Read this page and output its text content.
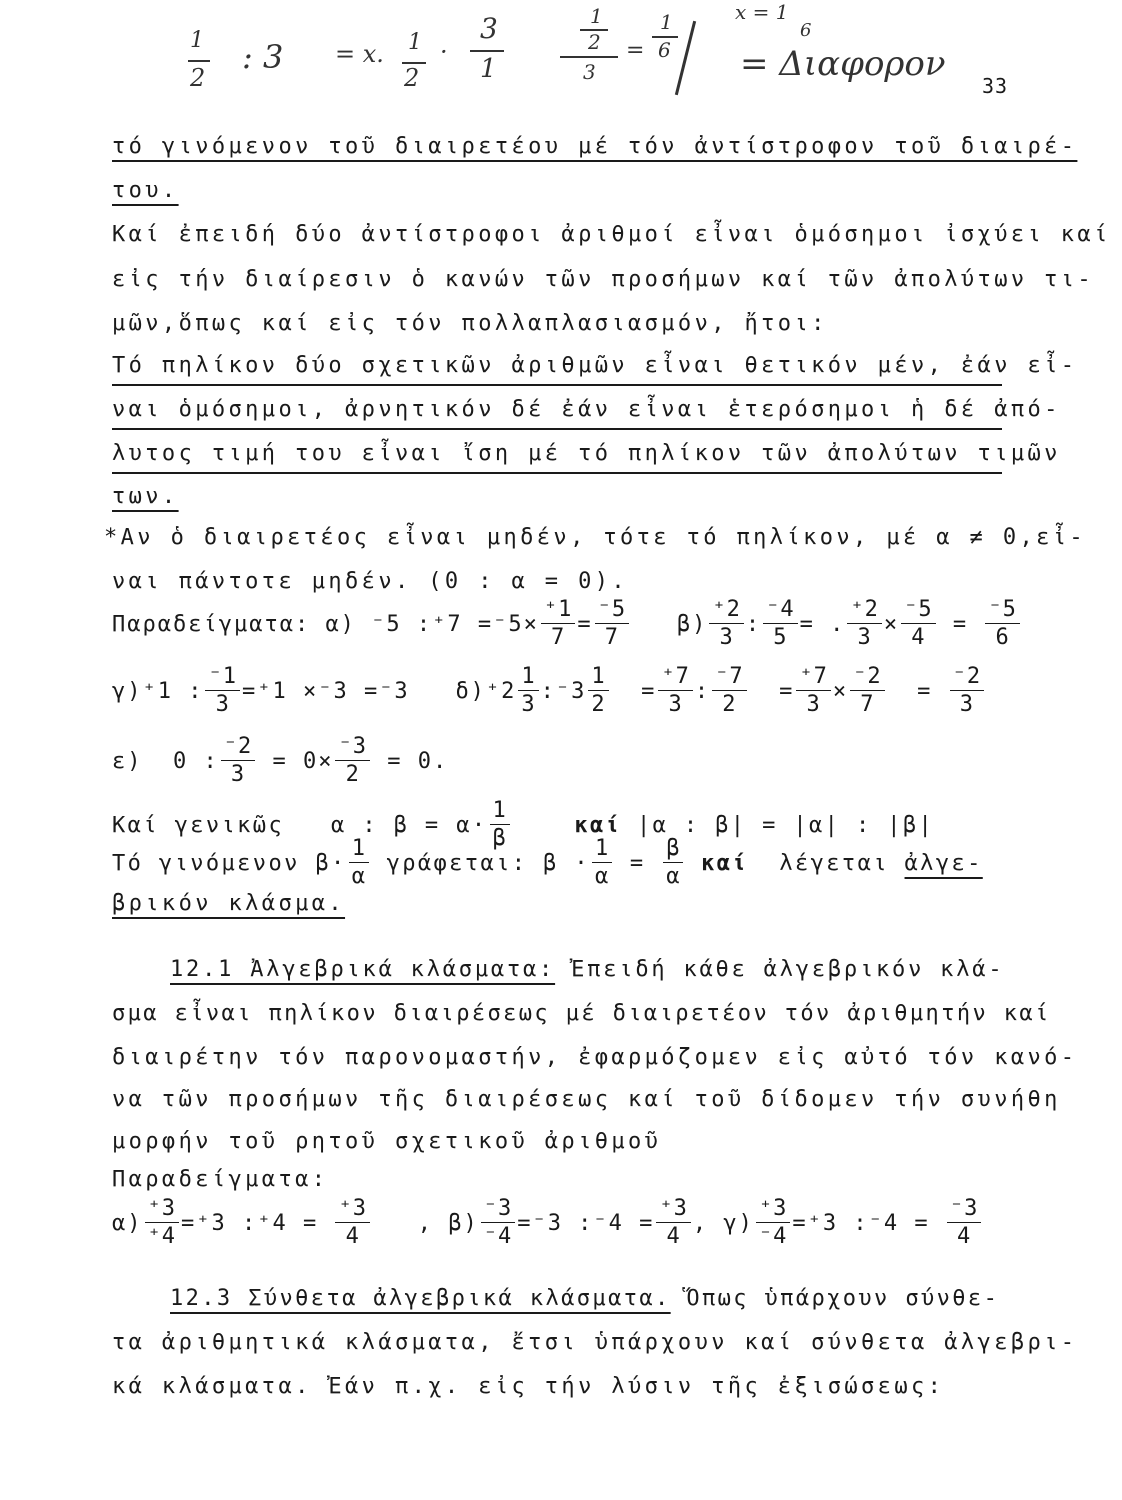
1
2
: 3 = x. 1
2
·
3
1
1
2
3
=
1
6
x = 1
6
= Διαφορον
33
τό γινόμενον τοῦ διαιρετέου μέ τόν ἀντίστροφον τοῦ διαιρέ-
του.
Καί ἐπειδή δύο ἀντίστροφοι ἀριθμοί εἶναι ὁμόσημοι ἰσχύει καί
εἰς τήν διαίρεσιν ὁ κανών τῶν προσήμων καί τῶν ἀπολύτων τι-
μῶν,ὅπως καί εἰς τόν πολλαπλασιασμόν, ἤτοι:
Τό πηλίκον δύο σχετικῶν ἀριθμῶν εἶναι θετικόν μέν, ἐάν εἶ-
ναι ὁμόσημοι, ἀρνητικόν δέ ἐάν εἶναι ἑτερόσημοι ἡ δέ ἀπό-
λυτος τιμή του εἶναι ἴση μέ τό πηλίκον τῶν ἀπολύτων τιμῶν
των.
*Αν ὁ διαιρετέος εἶναι μηδέν, τότε τό πηλίκον, μέ α ≠ 0,εἶ-
ναι πάντοτε μηδέν. (0 : α = 0).
Παραδείγματα:
α)
⁻5 :⁺7 $=^-5\times \frac{^+1}{7} = \frac{^-5}{7}$
$\beta) \frac{^+2}{3}$ : $\frac{^-4}{5}$ = . $\frac{^+2}{3} \times \frac{^-5}{4}$
=
$\frac{^-5}{6}$
γ)⁺1 : $\frac{^-1}{3} =^+1 \times^-3 =^-3$
$\delta)^+2 \frac{1}{3}$ :⁻3 $\frac{1}{2}$
= $\frac{^+7}{3}$ : $\frac{^-7}{2}$
= $\frac{^+7}{3} \times \frac{^-2}{7}$
=
$\frac{^-2}{3}$
ε)
0 : $\frac{^-2}{3}$
= $0\times \frac{^-3}{2}$
= 0.
Καί γενικῶς
α : $\beta = \alpha\cdot \frac{1}{\beta}$
	καί
|α : β| = |α| : |β|
Τό γινόμενον $\beta\cdot \frac{1}{\alpha}$
γράφεται: $\beta \cdot \frac{1}{\alpha}$
=
$\frac{\beta}{\alpha}$
καί
λέγεται
ἀλγε-
βρικόν κλάσμα.
12.1 Ἀλγεβρικά κλάσματα: Ἐπειδή κάθε ἀλγεβρικόν κλά-
σμα εἶναι πηλίκον διαιρέσεως μέ διαιρετέον τόν ἀριθμητήν καί
διαιρέτην τόν παρονομαστήν, ἐφαρμόζομεν εἰς αὐτό τόν κανό-
να τῶν προσήμων τῆς διαιρέσεως καί τοῦ δίδομεν τήν συνήθη
μορφήν τοῦ ρητοῦ σχετικοῦ ἀριθμοῦ
Παραδείγματα:
$\alpha) \frac{^+3}{^+4} =^+3$ :⁺4 =
$\frac{^+3}{4}$
, $\beta) \frac{^-3}{^-4} =^-3$ :⁻4 = $\frac{^+3}{4}$ , $\gamma) \frac{^+3}{^-4} =^+3$ :⁻4 =
$\frac{^-3}{4}$
12.3 Σύνθετα ἀλγεβρικά κλάσματα. Ὅπως ὑπάρχουν σύνθε-
τα ἀριθμητικά κλάσματα, ἔτσι ὑπάρχουν καί σύνθετα ἀλγεβρι-
κά κλάσματα. Ἐάν π.χ. εἰς τήν λύσιν τῆς ἐξισώσεως:
